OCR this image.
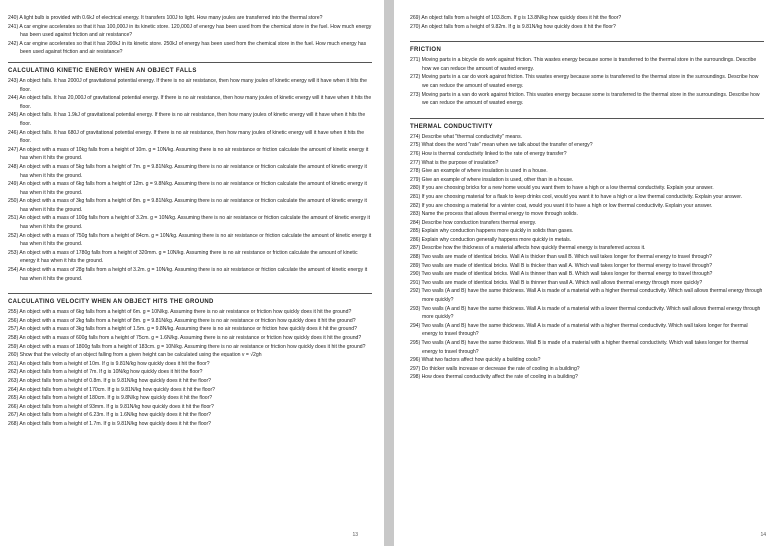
240) A light bulb is provided with 0.6kJ of electrical energy. It transfers 100J to light. How many joules are transferred into the thermal store?

241) A car engine accelerates so that it has 100,000J in its kinetic store. 120,000J of energy has been used from the chemical store in the fuel. How much energy has been used against friction and air resistance?

242) A car engine accelerates so that it has 200kJ in its kinetic store. 250kJ of energy has been used from the chemical store in the fuel. How much energy has been used against friction and air resistance?

CALCULATING KINETIC ENERGY WHEN AN OBJECT FALLS

243) An object falls. It has 2000J of gravitational potential energy. If there is no air resistance, then how many joules of kinetic energy will it have when it hits the floor.

244) An object falls. It has 20,000J of gravitational potential energy. If there is no air resistance, then how many joules of kinetic energy will it have when it hits the floor.

245) An object falls. It has 1.9kJ of gravitational potential energy. If there is no air resistance, then how many joules of kinetic energy will it have when it hits the floor.

246) An object falls. It has 680J of gravitational potential energy. If there is no air resistance, then how many joules of kinetic energy will it have when it hits the floor.

247) An object with a mass of 10kg falls from a height of 10m. g = 10N/kg. Assuming there is no air resistance or friction calculate the amount of kinetic energy it has when it hits the ground.

248) An object with a mass of 5kg falls from a height of 7m. g = 9.81N/kg. Assuming there is no air resistance or friction calculate the amount of kinetic energy it has when it hits the ground.

249) An object with a mass of 6kg falls from a height of 12m. g = 9.8N/kg. Assuming there is no air resistance or friction calculate the amount of kinetic energy it has when it hits the ground.

250) An object with a mass of 3kg falls from a height of 8m. g = 9.81N/kg. Assuming there is no air resistance or friction calculate the amount of kinetic energy it has when it hits the ground.

251) An object with a mass of 100g falls from a height of 3.2m. g = 10N/kg. Assuming there is no air resistance or friction calculate the amount of kinetic energy it has when it hits the ground.

252) An object with a mass of 750g falls from a height of 84cm. g = 10N/kg. Assuming there is no air resistance or friction calculate the amount of kinetic energy it has when it hits the ground.

253) An object with a mass of 1780g falls from a height of 320mm. g = 10N/kg. Assuming there is no air resistance or friction calculate the amount of kinetic energy it has when it hits the ground.

254) An object with a mass of 28g falls from a height of 3.2m. g = 10N/kg. Assuming there is no air resistance or friction calculate the amount of kinetic energy it has when it hits the ground.

CALCULATING VELOCITY WHEN AN OBJECT HITS THE GROUND

255) An object with a mass of 6kg falls from a height of 6m. g = 10N/kg. Assuming there is no air resistance or friction how quickly does it hit the ground?

256) An object with a mass of 2kg falls from a height of 8m. g = 9.81N/kg. Assuming there is no air resistance or friction how quickly does it hit the ground?

257) An object with a mass of 3kg falls from a height of 1.5m. g = 9.8N/kg. Assuming there is no air resistance or friction how quickly does it hit the ground?

258) An object with a mass of 600g falls from a height of 75cm. g = 1.6N/kg. Assuming there is no air resistance or friction how quickly does it hit the ground?

259) An object with a mass of 1800g falls from a height of 183cm. g = 10N/kg. Assuming there is no air resistance or friction how quickly does it hit the ground?

260) Show that the velocity of an object falling from a given height can be calculated using the equation v = √2gh

261) An object falls from a height of 10m. If g is 9.81N/kg how quickly does it hit the floor?

262) An object falls from a height of 7m. If g is 10N/kg how quickly does it hit the floor?

263) An object falls from a height of 0.8m. If g is 9.81N/kg how quickly does it hit the floor?

264) An object falls from a height of 170cm. If g is 9.81N/kg how quickly does it hit the floor?

265) An object falls from a height of 180cm. If g is 9.8N/kg how quickly does it hit the floor?

266) An object falls from a height of 93mm. If g is 9.81N/kg how quickly does it hit the floor?

267) An object falls from a height of 6.23m. If g is 1.6N/kg how quickly does it hit the floor?

268) An object falls from a height of 1.7m. If g is 9.81N/kg how quickly does it hit the floor?

13

269) An object falls from a height of 103.8cm. If g is 13.8N/kg how quickly does it hit the floor?

270) An object falls from a height of 9.82m. If g is 9.81N/kg how quickly does it hit the floor?

FRICTION

271) Moving parts in a bicycle do work against friction. This wastes energy because some is transferred to the thermal store in the surroundings. Describe how we can reduce the amount of wasted energy.

272) Moving parts in a car do work against friction. This wastes energy because some is transferred to the thermal store in the surroundings. Describe how we can reduce the amount of wasted energy.

273) Moving parts in a van do work against friction. This wastes energy because some is transferred to the thermal store in the surroundings. Describe how we can reduce the amount of wasted energy.

THERMAL CONDUCTIVITY

274) Describe what "thermal conductivity" means.

275) What does the word "rate" mean when we talk about the transfer of energy?

276) How is thermal conductivity linked to the rate of energy transfer?

277) What is the purpose of insulation?

278) Give an example of where insulation is used in a house.

279) Give an example of where insulation is used, other than in a house.

280) If you are choosing bricks for a new home would you want them to have a high or a low thermal conductivity. Explain your answer.

281) If you are choosing material for a flask to keep drinks cool, would you want it to have a high or a low thermal conductivity. Explain your answer.

282) If you are choosing a material for a winter coat, would you want it to have a high or low thermal conductivity. Explain your answer.

283) Name the process that allows thermal energy to move through solids.

284) Describe how conduction transfers thermal energy.

285) Explain why conduction happens more quickly in solids than gases.

286) Explain why conduction generally happens more quickly in metals.

287) Describe how the thickness of a material affects how quickly thermal energy is transferred across it.

288) Two walls are made of identical bricks. Wall A is thicker than wall B. Which wall takes longer for thermal energy to travel through?

289) Two walls are made of identical bricks. Wall B is thicker than wall A. Which wall takes longer for thermal energy to travel through?

290) Two walls are made of identical bricks. Wall A is thinner than wall B. Which wall takes longer for thermal energy to travel through?

291) Two walls are made of identical bricks. Wall B is thinner than wall A. Which wall allows thermal energy through more quickly?

292) Two walls (A and B) have the same thickness. Wall A is made of a material with a higher thermal conductivity. Which wall allows thermal energy through more quickly?

293) Two walls (A and B) have the same thickness. Wall A is made of a material with a lower thermal conductivity. Which wall allows thermal energy through more quickly?

294) Two walls (A and B) have the same thickness. Wall A is made of a material with a higher thermal conductivity. Which wall takes longer for thermal energy to travel through?

295) Two walls (A and B) have the same thickness. Wall B is made of a material with a higher thermal conductivity. Which wall takes longer for thermal energy to travel through?

296) What two factors affect how quickly a building cools?

297) Do thicker walls increase or decrease the rate of cooling in a building?

298) How does thermal conductivity affect the rate of cooling in a building?

14
